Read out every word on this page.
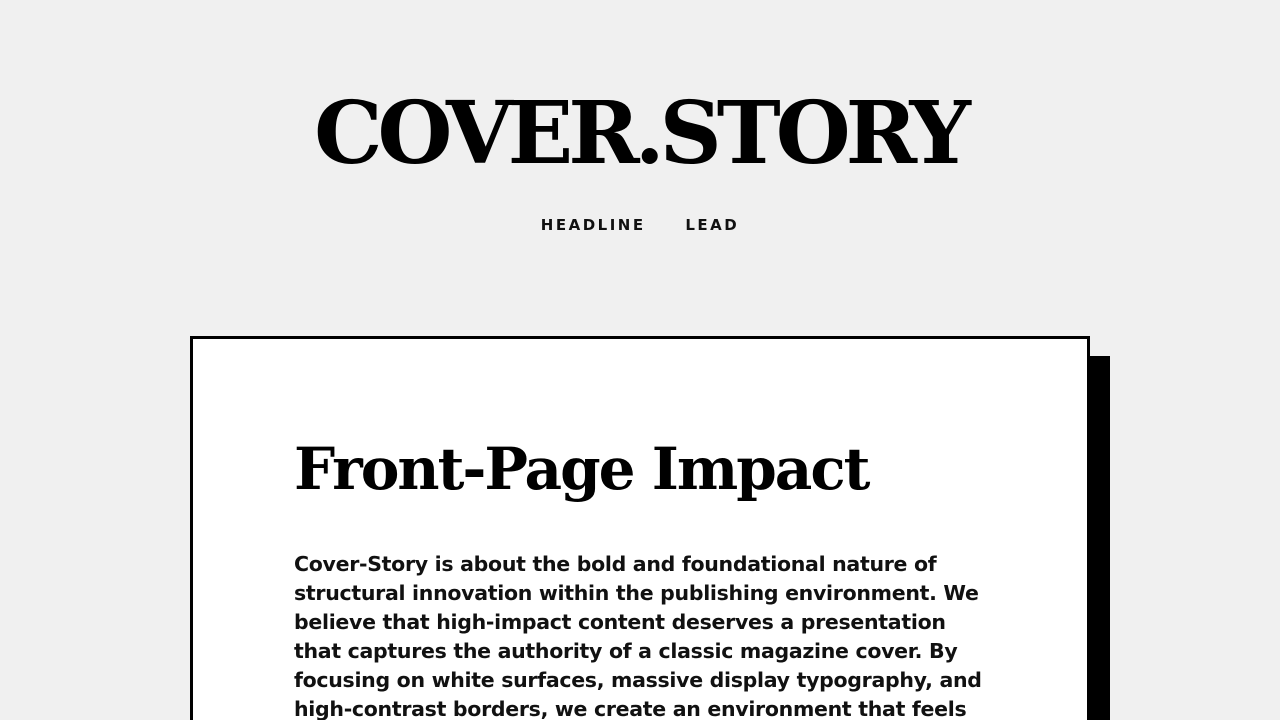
COVER.STORY
HEADLINE	LEAD
Front-Page Impact

Cover-Story is about the bold and foundational nature of structural innovation within the publishing environment. We believe that high-impact content deserves a presentation that captures the authority of a classic magazine cover. By focusing on white surfaces, massive display typography, and high-contrast borders, we create an environment that feels
